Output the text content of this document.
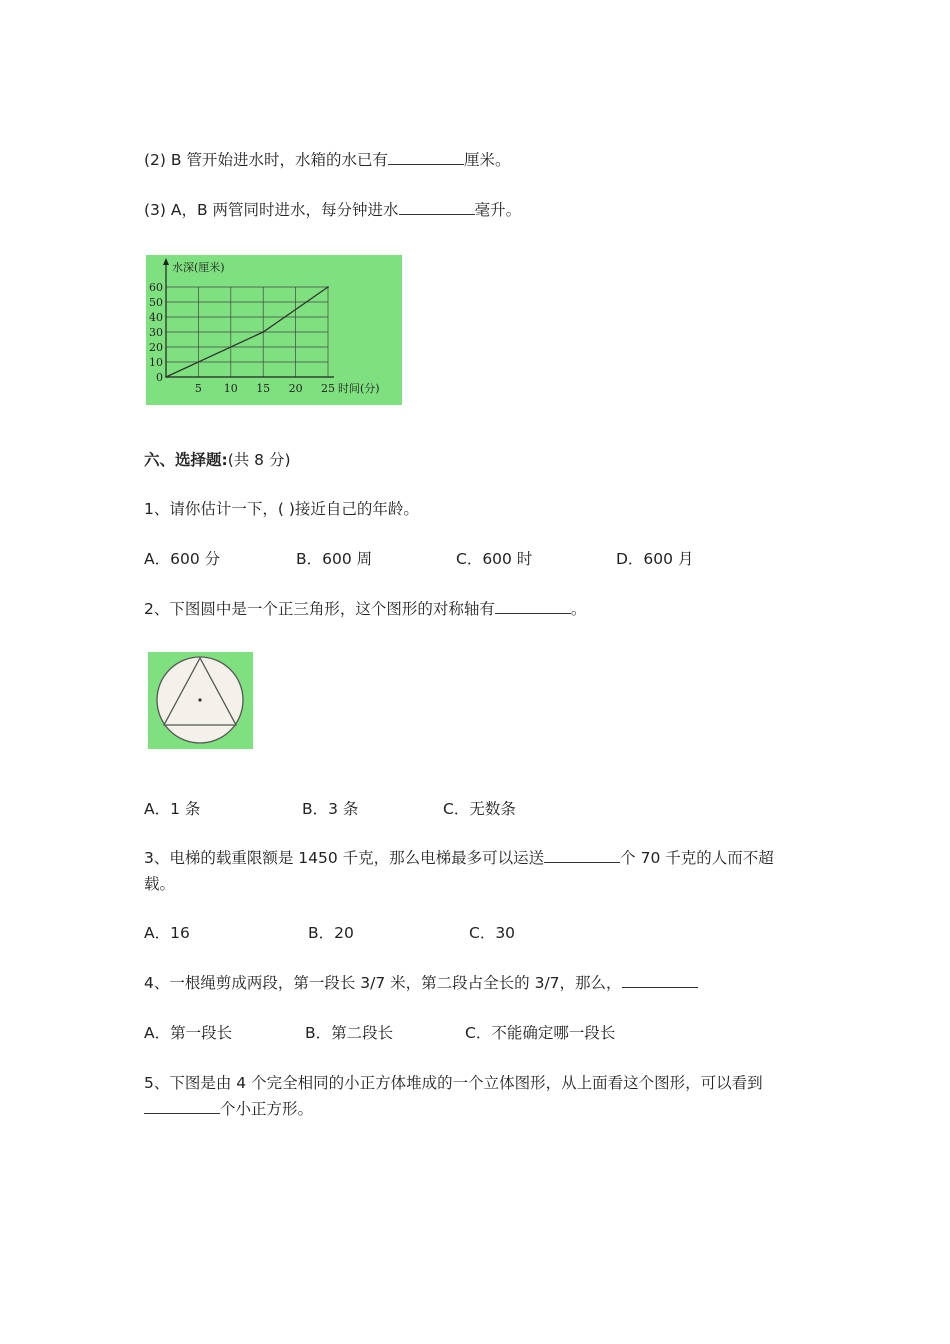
(2) B 管开始进水时，水箱的水已有	厘米。
(3) A，B 两管同时进水，每分钟进水	毫升。
0
10
20
30
40
50
60
5 10 15 20 25
水深(厘米)
时间(分)
六、选择题:(共 8 分)
1、请你估计一下，( )接近自己的年龄。
A．600 分	B．600 周	C．600 时	D．600 月
2、下图圆中是一个正三角形，这个图形的对称轴有	。
A．1 条	B．3 条	C．无数条
3、电梯的载重限额是 1450 千克，那么电梯最多可以运送	个 70 千克的人而不超
载。
A．16	B．20	C．30
4、一根绳剪成两段，第一段长 3/7 米，第二段占全长的 3/7，那么，
A．第一段长	B．第二段长	C．不能确定哪一段长
5、下图是由 4 个完全相同的小正方体堆成的一个立体图形，从上面看这个图形，可以看到
个小正方形。
